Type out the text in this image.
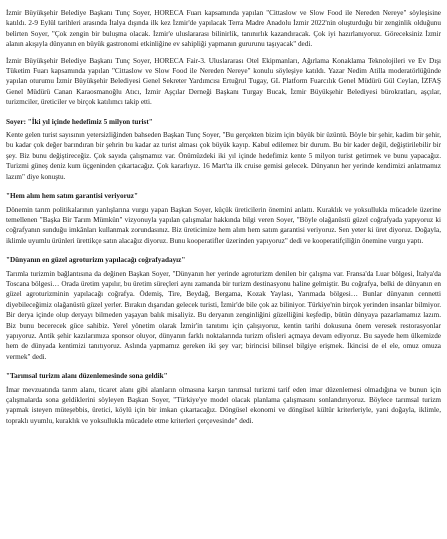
İzmir Büyükşehir Belediye Başkanı Tunç Soyer, HORECA Fuarı kapsamında yapılan "Cittaslow ve Slow Food ile Nereden Nereye" söyleşisine katıldı. 2-9 Eylül tarihleri arasında İtalya dışında ilk kez İzmir'de yapılacak Terra Madre Anadolu İzmir 2022'nin oluşturduğu bir zenginlik olduğunu belirten Soyer, "Çok zengin bir buluşma olacak. İzmir'e uluslararası bilinirlik, tanınırlık kazandıracak. Çok iyi hazırlanıyoruz. Göreceksiniz İzmir alanın akışıyla dünyanın en büyük gastronomi etkinliğine ev sahipliği yapmanın gururunu taşıyacak" dedi.

İzmir Büyükşehir Belediye Başkanı Tunç Soyer, HORECA Fair-3. Uluslararası Otel Ekipmanları, Ağırlama Konaklama Teknolojileri ve Ev Dışı Tüketim Fuarı kapsamında yapılan "Cittaslow ve Slow Food ile Nereden Nereye" konulu söyleşiye katıldı. Yazar Nedim Atilla moderatörlüğünde yapılan oturumu İzmir Büyükşehir Belediyesi Genel Sekreter Yardımcısı Ertuğrul Tugay, GL Platform Fuarcılık Genel Müdürü Gül Ceylan, İZFAŞ Genel Müdürü Canan Karaosmanoğlu Atıcı, İzmir Aşçılar Derneği Başkanı Turgay Bucak, İzmir Büyükşehir Belediyesi bürokratları, aşçılar, turizmciler, üreticiler ve birçok katılımcı takip etti.

Soyer: "İki yıl içinde hedefimiz 5 milyon turist"

Kente gelen turist sayısının yetersizliğinden bahseden Başkan Tunç Soyer, "Bu gerçekten bizim için büyük bir üzüntü. Böyle bir şehir, kadim bir şehir, bu kadar çok değer barındıran bir şehrin bu kadar az turist alması çok büyük kayıp. Kabul edilemez bir durum. Bu bir kader değil, değiştirilebilir bir şey. Biz bunu değiştireceğiz. Çok sayıda çalışmamız var. Önümüzdeki iki yıl içinde hedefimiz kente 5 milyon turist getirmek ve bunu yapacağız. Turizmi güneş deniz kum üçgeninden çıkartacağız. Çok kararlıyız. 16 Mart'ta ilk cruise gemisi gelecek. Dünyanın her yerinde kendimizi anlatmamız lazım" diye konuştu.

"Hem alım hem satım garantisi veriyoruz"

Dönemin tarım politikalarının yanlışlarına vurgu yapan Başkan Soyer, küçük üreticilerin önemini anlattı. Kuraklık ve yoksullukla mücadele üzerine temellenen "Başka Bir Tarım Mümkün" vizyonuyla yapılan çalışmalar hakkında bilgi veren Soyer, "Böyle olağanüstü güzel coğrafyada yapıyoruz ki coğrafyanın sunduğu imkânları kullanmak zorundasınız. Biz üreticimize hem alım hem satım garantisi veriyoruz. Sen yeter ki üret diyoruz. Doğayla, iklimle uyumlu ürünleri ürettikçe satın alacağız diyoruz. Bunu kooperatifler üzerinden yapıyoruz" dedi ve kooperatifçiliğin önemine vurgu yaptı.

"Dünyanın en güzel agroturizm yapılacağı coğrafyadayız"

Tarımla turizmin bağlantısına da değinen Başkan Soyer, "Dünyanın her yerinde agroturizm denilen bir çalışma var. Fransa'da Luar bölgesi, İtalya'da Toscana bölgesi… Orada üretim yapılır, bu üretim süreçleri aynı zamanda bir turizm destinasyonu haline gelmiştir. Bu coğrafya, belki de dünyanın en güzel agroturizminin yapılacağı coğrafya. Ödemiş, Tire, Beydağ, Bergama, Kozak Yaylası, Yarımada bölgesi… Bunlar dünyanın cennetti diyebileceğimiz olağanüstü güzel yerler. Bırakın dışarıdan gelecek turisti, İzmir'de bile çok az biliniyor. Türkiye'nin birçok yerinden insanlar bilmiyor. Bir derya içinde olup deryayı bilmeden yaşayan balık misaliyiz. Bu deryanın zenginliğini güzelliğini keşfedip, bütün dünyaya pazarlamamız lazım. Biz bunu becerecek güce sahibiz. Yerel yönetim olarak İzmir'in tanıtımı için çalışıyoruz, kentin tarihi dokusuna önem veresek restorasyonlar yapıyoruz. Antik şehir kazılarımıza sponsor oluyor, dünyanın farklı noktalarında turizm ofisleri açmaya devam ediyoruz. Bu sayede hem ülkemizde hem de dünyada kentimizi tanıtıyoruz. Aslında yapmamız gereken iki şey var; birincisi bilinsel bilgiye erişmek. İkincisi de el ele, omuz omuza vermek" dedi.

"Tarımsal turizm alanı düzenlemesinde sona geldik"

İmar mevzuatında tarım alanı, ticaret alanı gibi alanların olmasına karşın tarımsal turizmi tarif eden imar düzenlemesi olmadığına ve bunun için çalışmalarda sona geldiklerini söyleyen Başkan Soyer, "Türkiye'ye model olacak planlama çalışmasını sonlandırıyoruz. Böylece tarımsal turizm yapmak isteyen müteşebbis, üretici, köylü için bir imkan çıkartacağız. Döngüsel ekonomi ve döngüsel kültür kriterleriyle, yani doğayla, iklimle, topraklı uyumlu, kuraklık ve yoksullukla mücadele etme kriterleri çerçevesinde" dedi.
